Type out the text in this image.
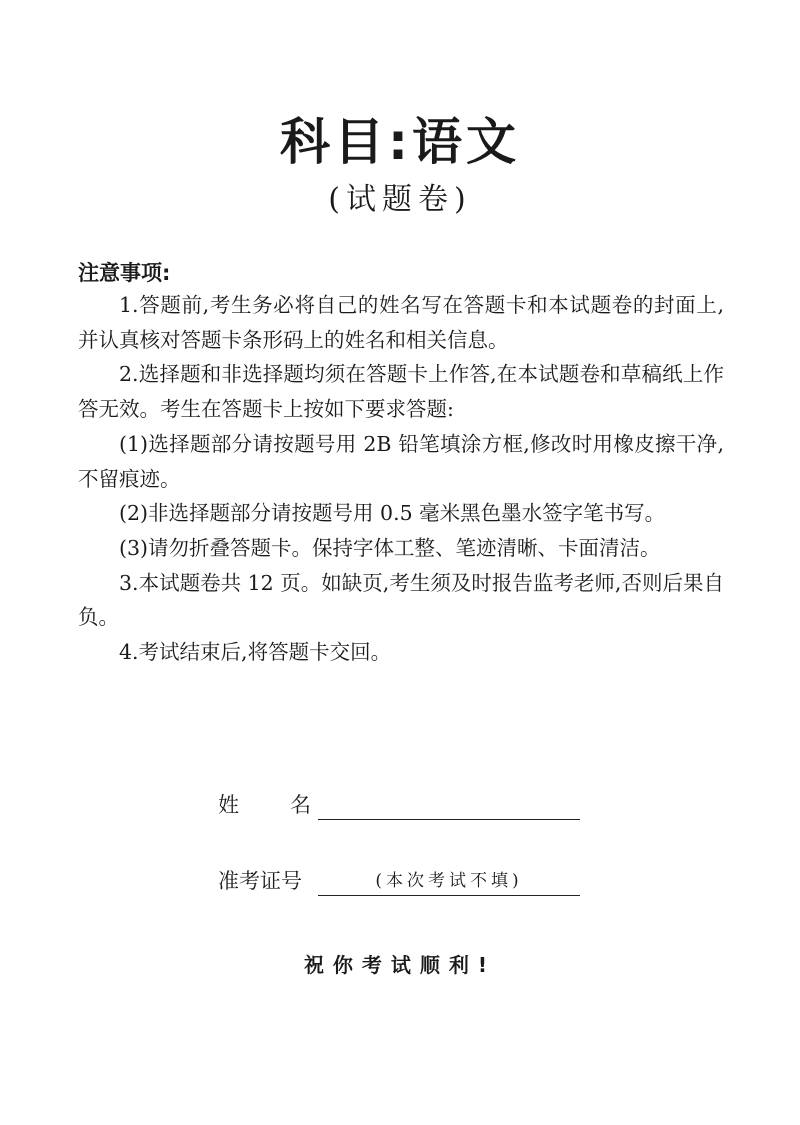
科目:语文
(试题卷)
注意事项:

1.答题前,考生务必将自己的姓名写在答题卡和本试题卷的封面上,并认真核对答题卡条形码上的姓名和相关信息。

2.选择题和非选择题均须在答题卡上作答,在本试题卷和草稿纸上作答无效。考生在答题卡上按如下要求答题:

(1)选择题部分请按题号用 2B 铅笔填涂方框,修改时用橡皮擦干净,不留痕迹。

(2)非选择题部分请按题号用 0.5 毫米黑色墨水签字笔书写。

(3)请勿折叠答题卡。保持字体工整、笔迹清晰、卡面清洁。

3.本试题卷共 12 页。如缺页,考生须及时报告监考老师,否则后果自负。

4.考试结束后,将答题卡交回。

姓名
准考证号	(本次考试不填)
祝你考试顺利!
